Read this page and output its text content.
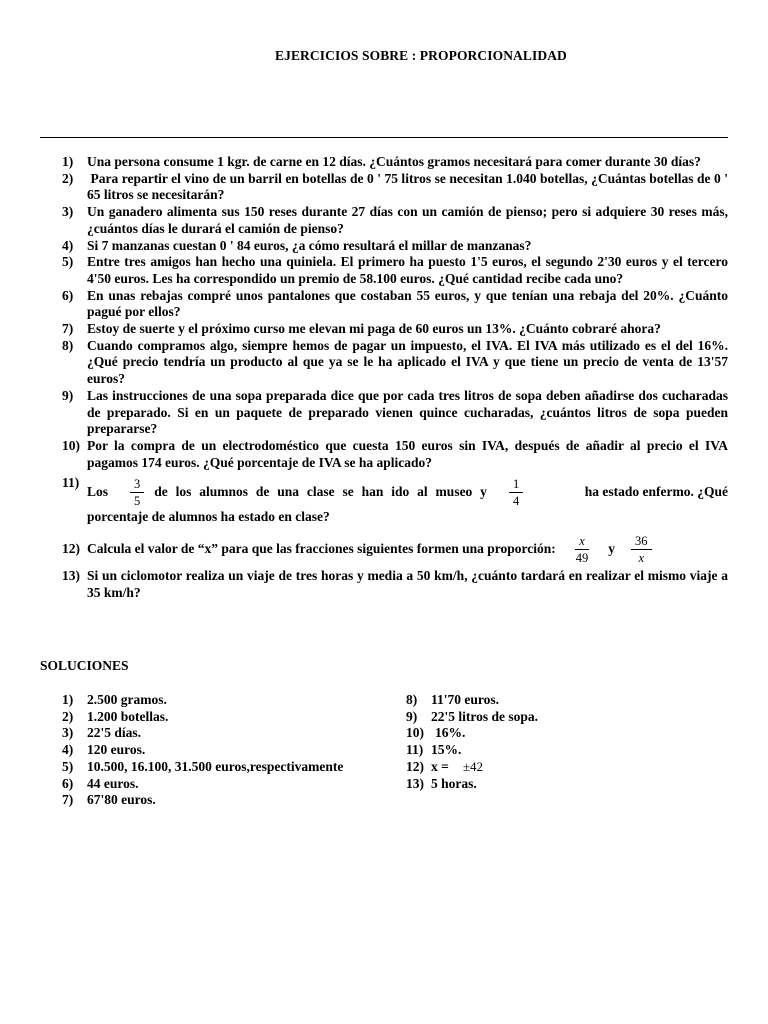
EJERCICIOS SOBRE : PROPORCIONALIDAD
1)	Una persona consume 1 kgr. de carne en 12 días. ¿Cuántos gramos necesitará para comer durante 30 días?
2)	Para repartir el vino de un barril en botellas de 0 ' 75 litros se necesitan 1.040 botellas, ¿Cuántas botellas de 0 ' 65 litros se necesitarán?
3)	Un ganadero alimenta sus 150 reses durante 27 días con un camión de pienso; pero si adquiere 30 reses más, ¿cuántos días le durará el camión de pienso?
4)	Si 7 manzanas cuestan 0 ' 84 euros, ¿a cómo resultará el millar de manzanas?
5)	Entre tres amigos han hecho una quiniela. El primero ha puesto 1'5 euros, el segundo 2'30 euros y el tercero 4'50 euros. Les ha correspondido un premio de 58.100 euros. ¿Qué cantidad recibe cada uno?
6)	En unas rebajas compré unos pantalones que costaban 55 euros, y que tenían una rebaja del 20%. ¿Cuánto pagué por ellos?
7)	Estoy de suerte y el próximo curso me elevan mi paga de 60 euros un 13%. ¿Cuánto cobraré ahora?
8)	Cuando compramos algo, siempre hemos de pagar un impuesto, el IVA. El IVA más utilizado es el del 16%. ¿Qué precio tendría un producto al que ya se le ha aplicado el IVA y que tiene un precio de venta de 13'57 euros?
9)	Las instrucciones de una sopa preparada dice que por cada tres litros de sopa deben añadirse dos cucharadas de preparado. Si en un paquete de preparado vienen quince cucharadas, ¿cuántos litros de sopa pueden prepararse?
10) Por la compra de un electrodoméstico que cuesta 150 euros sin IVA, después de añadir al precio el IVA pagamos 174 euros. ¿Qué porcentaje de IVA se ha aplicado?
11)
Los $\frac{3}{5}$ de los alumnos de una clase se han ido al museo y $\frac{1}{4}$	ha estado enfermo. ¿Qué
porcentaje de alumnos ha estado en clase?
12) Calcula el valor de “x” para que las fracciones siguientes formen una proporción: $\frac{x}{49}$ y $\frac{36}{x}$
13) Si un ciclomotor realiza un viaje de tres horas y media a 50 km/h, ¿cuánto tardará en realizar el mismo viaje a 35 km/h?
SOLUCIONES
1)	2.500 gramos.
2)	1.200 botellas.
3)	22'5 días.
4)	120 euros.
5)	10.500, 16.100, 31.500 euros,respectivamente
6)	44 euros.
7)	67'80 euros.
8)	11'70 euros.
9)	22'5 litros de sopa.
10) 16%.
11) 15%.
12) x = ±42
13) 5 horas.
